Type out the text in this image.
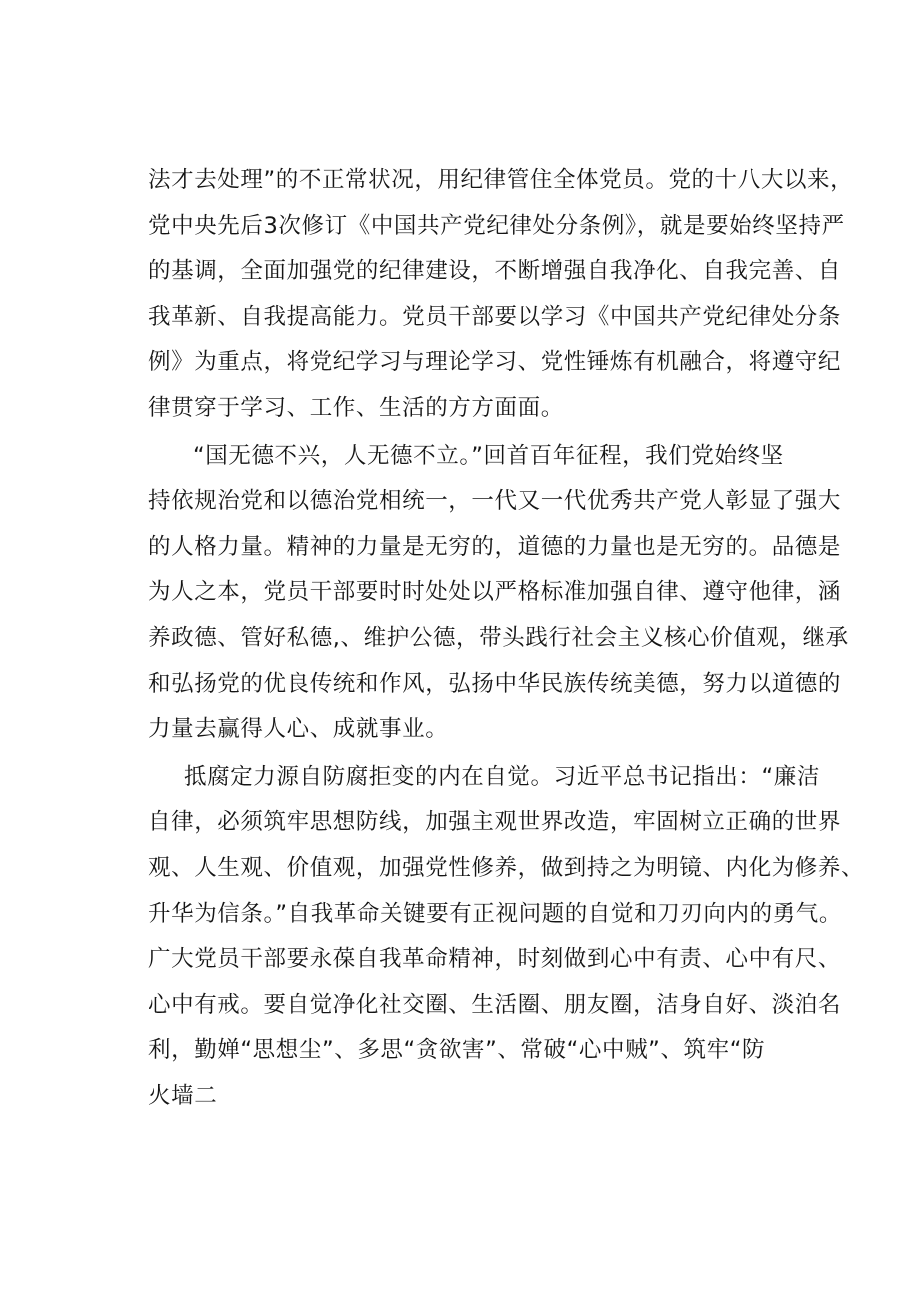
法才去处理”的不正常状况，用纪律管住全体党员。党的十八大以来，
党中央先后3次修订《中国共产党纪律处分条例》，就是要始终坚持严
的基调，全面加强党的纪律建设，不断增强自我净化、自我完善、自
我革新、自我提高能力。党员干部要以学习《中国共产党纪律处分条
例》为重点，将党纪学习与理论学习、党性锤炼有机融合，将遵守纪
律贯穿于学习、工作、生活的方方面面。

“国无德不兴，人无德不立。”回首百年征程，我们党始终坚
持依规治党和以德治党相统一，一代又一代优秀共产党人彰显了强大
的人格力量。精神的力量是无穷的，道德的力量也是无穷的。品德是
为人之本，党员干部要时时处处以严格标准加强自律、遵守他律，涵
养政德、管好私德,、维护公德，带头践行社会主义核心价值观，继承
和弘扬党的优良传统和作风，弘扬中华民族传统美德，努力以道德的
力量去赢得人心、成就事业。

抵腐定力源自防腐拒变的内在自觉。习近平总书记指出：“廉洁
自律，必须筑牢思想防线，加强主观世界改造，牢固树立正确的世界
观、人生观、价值观，加强党性修养，做到持之为明镜、内化为修养、
升华为信条。”自我革命关键要有正视问题的自觉和刀刃向内的勇气。
广大党员干部要永葆自我革命精神，时刻做到心中有责、心中有尺、
心中有戒。要自觉净化社交圈、生活圈、朋友圈，洁身自好、淡泊名
利，勤婵“思想尘”、多思“贪欲害”、常破“心中贼”、筑牢“防
火墙二
